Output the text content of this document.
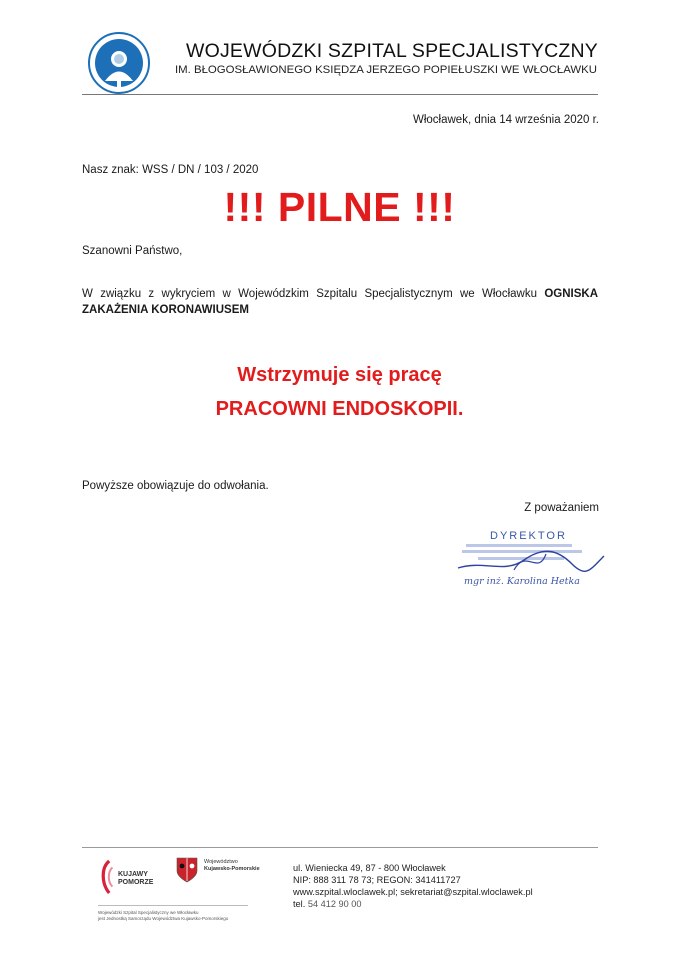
WOJEWÓDZKI SZPITAL SPECJALISTYCZNY
IM. BŁOGOSŁAWIONEGO KSIĘDZA JERZEGO POPIEŁUSZKI WE WŁOCŁAWKU
Włocławek, dnia 14 września 2020 r.
Nasz znak: WSS / DN / 103 / 2020
!!! PILNE !!!
Szanowni Państwo,
W związku z wykryciem w Wojewódzkim Szpitalu Specjalistycznym we Włocławku OGNISKA ZAKAŻENIA KORONAWIUSEM
Wstrzymuje się pracę
PRACOWNI ENDOSKOPII.
Powyższe obowiązuje do odwołania.
Z poważaniem
DYREKTOR
mgr inż. Karolina Hetka
KUJAWY
POMORZE
Województwo
Kujawsko-Pomorskie
Wojewódzki Szpital Specjalistyczny we Włocławku
jest Jednostką Samorządu Województwa Kujawsko-Pomorskiego
ul. Wieniecka 49, 87 - 800 Włocławek
NIP: 888 311 78 73; REGON: 341411727
www.szpital.wloclawek.pl; sekretariat@szpital.wloclawek.pl
tel. 54 412 90 00
